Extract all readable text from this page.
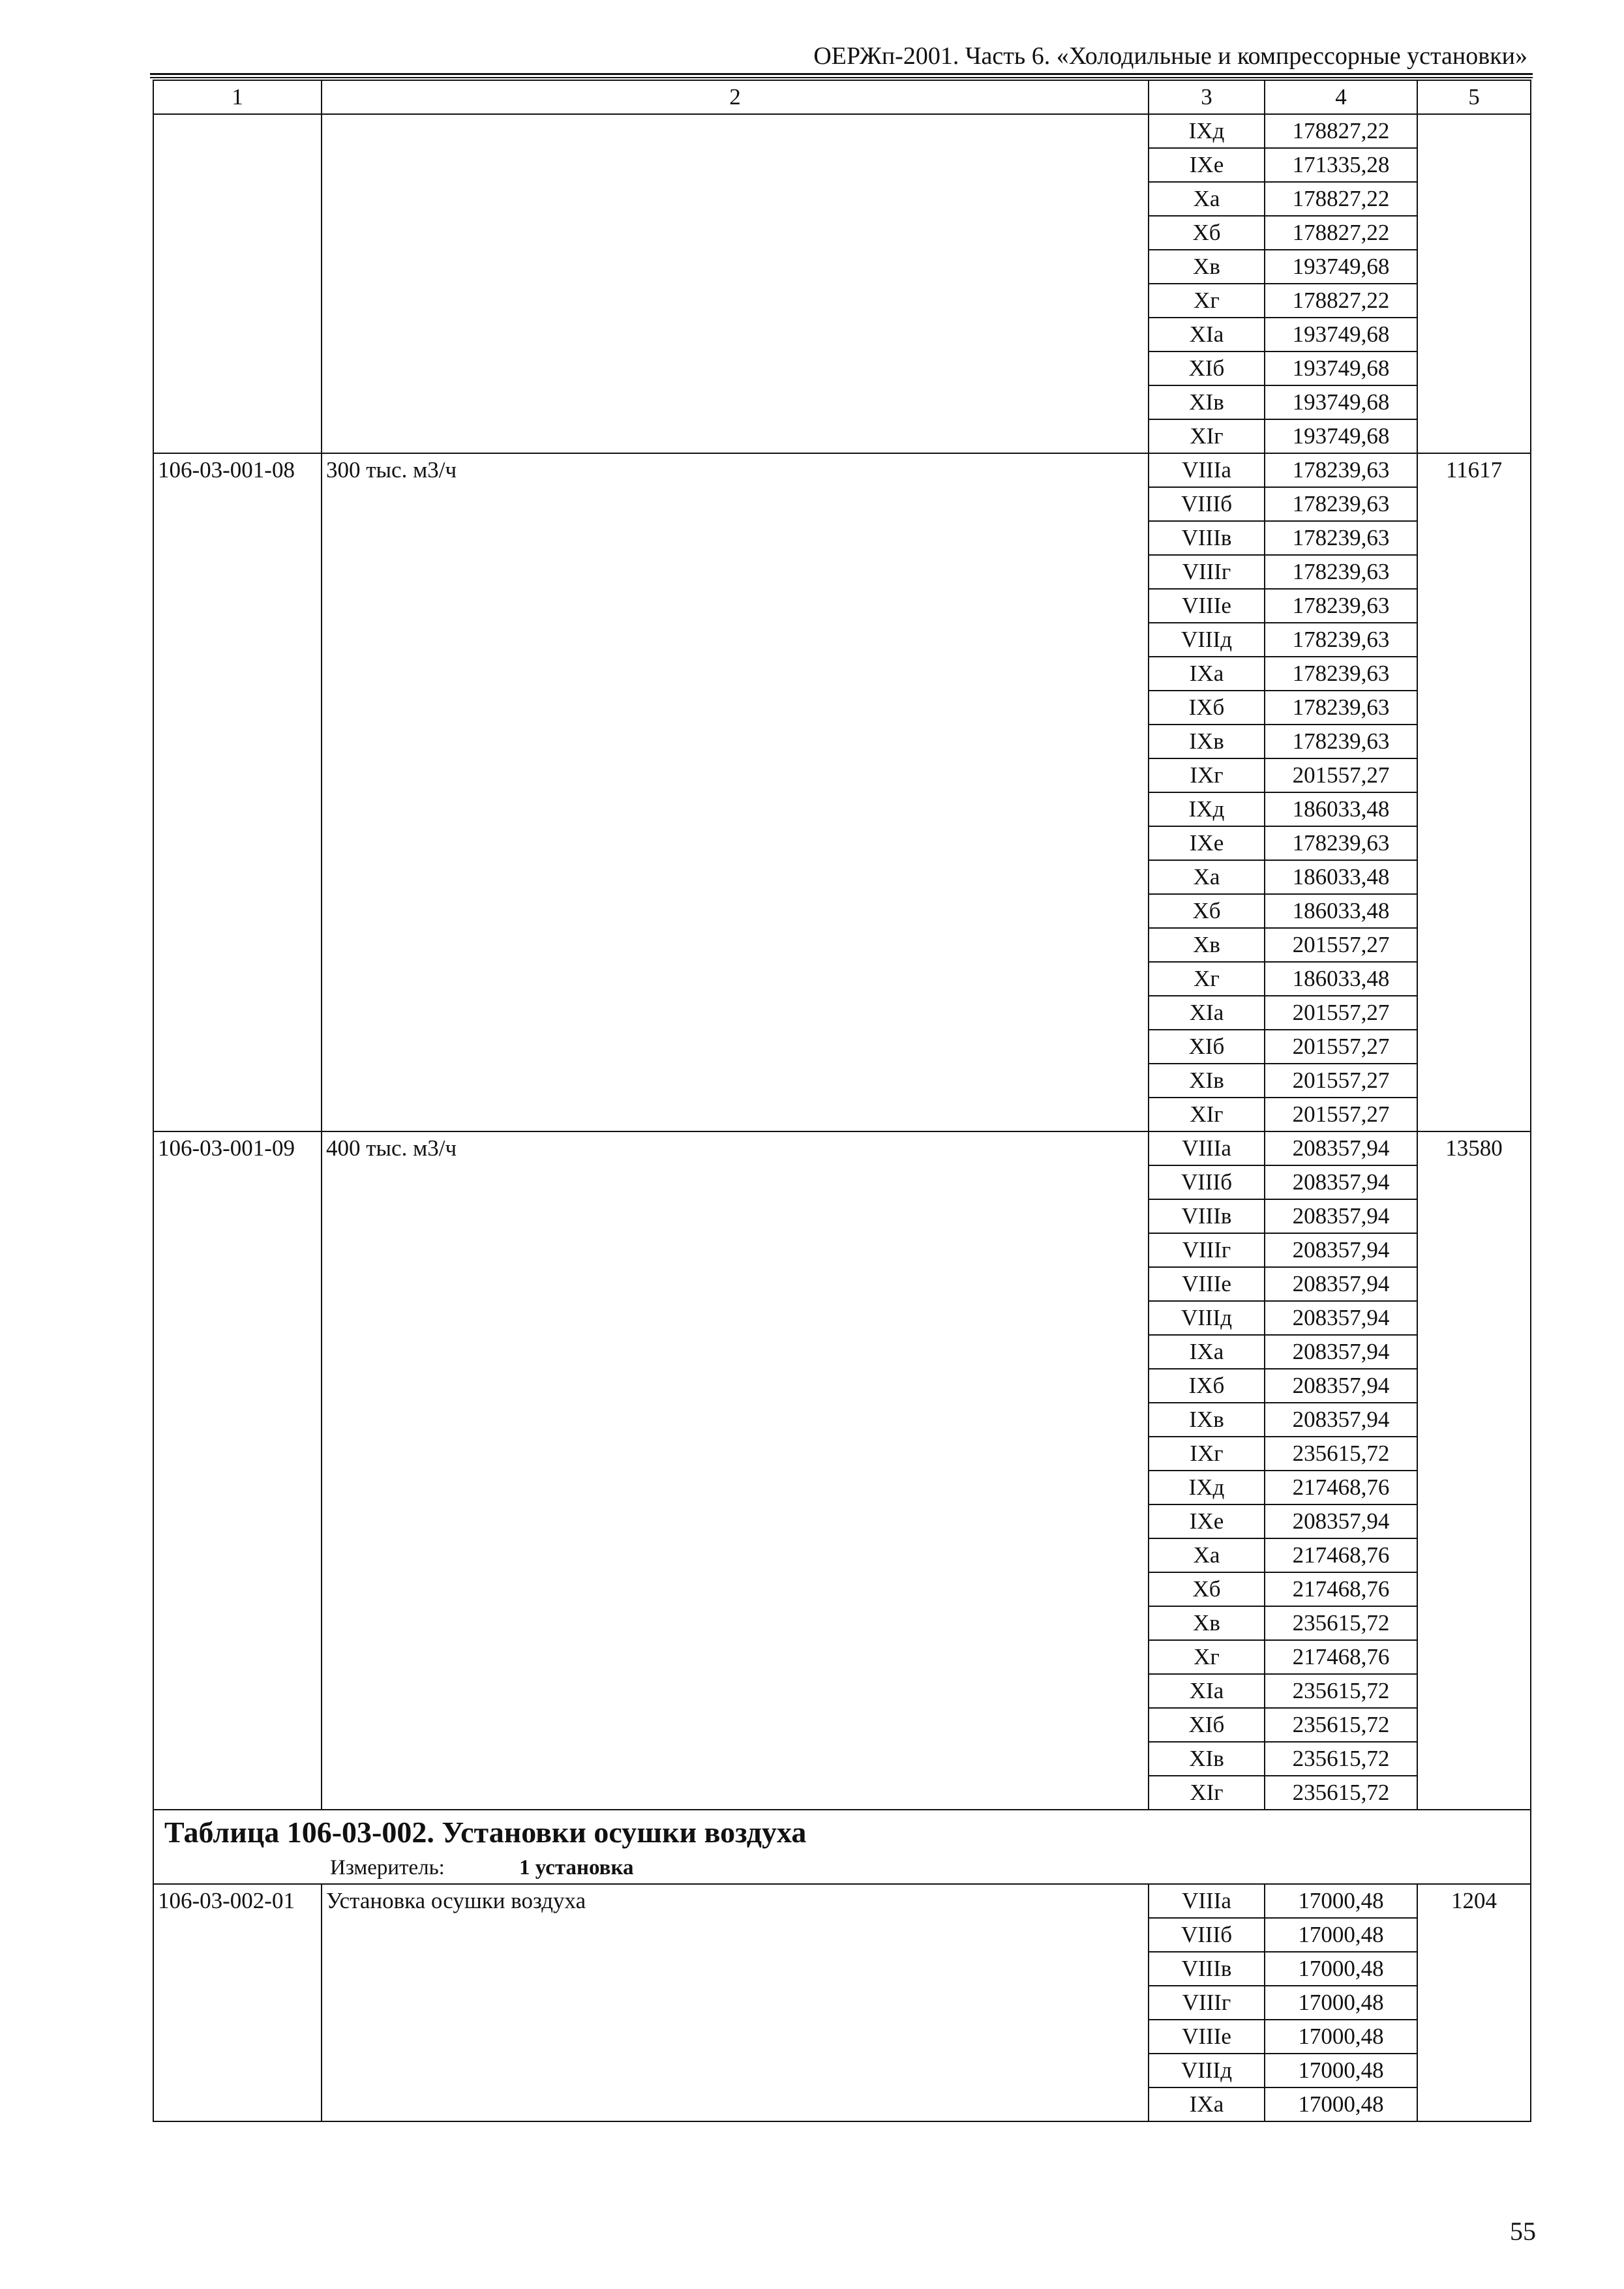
ОЕРЖп-2001. Часть 6. «Холодильные и компрессорные установки»
1	2	3	4	5
		IXд	178827,22	
		IXе	171335,28	
		Xа	178827,22	
		Xб	178827,22	
		Xв	193749,68	
		Xг	178827,22	
		XIа	193749,68	
		XIб	193749,68	
		XIв	193749,68	
		XIг	193749,68	
106-03-001-08	300 тыс. м3/ч	VIIIа	178239,63	11617
		VIIIб	178239,63	
		VIIIв	178239,63	
		VIIIг	178239,63	
		VIIIе	178239,63	
		VIIIд	178239,63	
		IXа	178239,63	
		IXб	178239,63	
		IXв	178239,63	
		IXг	201557,27	
		IXд	186033,48	
		IXе	178239,63	
		Xа	186033,48	
		Xб	186033,48	
		Xв	201557,27	
		Xг	186033,48	
		XIа	201557,27	
		XIб	201557,27	
		XIв	201557,27	
		XIг	201557,27	
106-03-001-09	400 тыс. м3/ч	VIIIа	208357,94	13580
		VIIIб	208357,94	
		VIIIв	208357,94	
		VIIIг	208357,94	
		VIIIе	208357,94	
		VIIIд	208357,94	
		IXа	208357,94	
		IXб	208357,94	
		IXв	208357,94	
		IXг	235615,72	
		IXд	217468,76	
		IXе	208357,94	
		Xа	217468,76	
		Xб	217468,76	
		Xв	235615,72	
		Xг	217468,76	
		XIа	235615,72	
		XIб	235615,72	
		XIв	235615,72	
		XIг	235615,72	

Таблица 106-03-002. Установки осушки воздуха
Измеритель: 1 установка				

106-03-002-01	Установка осушки воздуха	VIIIа	17000,48	1204
		VIIIб	17000,48	
		VIIIв	17000,48	
		VIIIг	17000,48	
		VIIIе	17000,48	
		VIIIд	17000,48	
		IXа	17000,48	
55
